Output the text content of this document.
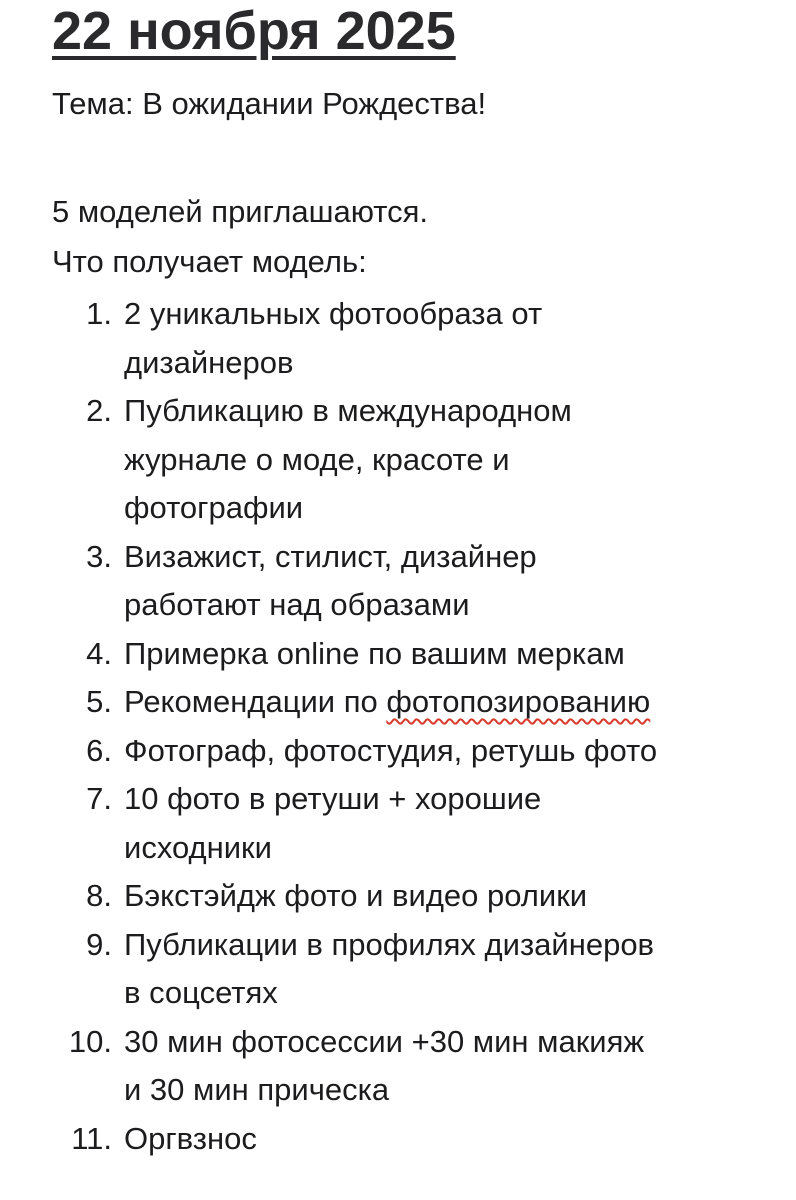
22 ноября 2025

Тема: В ожидании Рождества!

5 моделей приглашаются.

Что получает модель:

1. 2 уникальных фотообраза от
дизайнеров
2. Публикацию в международном
журнале о моде, красоте и
фотографии
3. Визажист, стилист, дизайнер
работают над образами
4. Примерка online по вашим меркам
5. Рекомендации по фотопозированию
6. Фотограф, фотостудия, ретушь фото
7. 10 фото в ретуши + хорошие
исходники
8. Бэкстэйдж фото и видео ролики
9. Публикации в профилях дизайнеров
в соцсетях
10. 30 мин фотосессии +30 мин макияж
и 30 мин прическа
11. Оргвзнос
